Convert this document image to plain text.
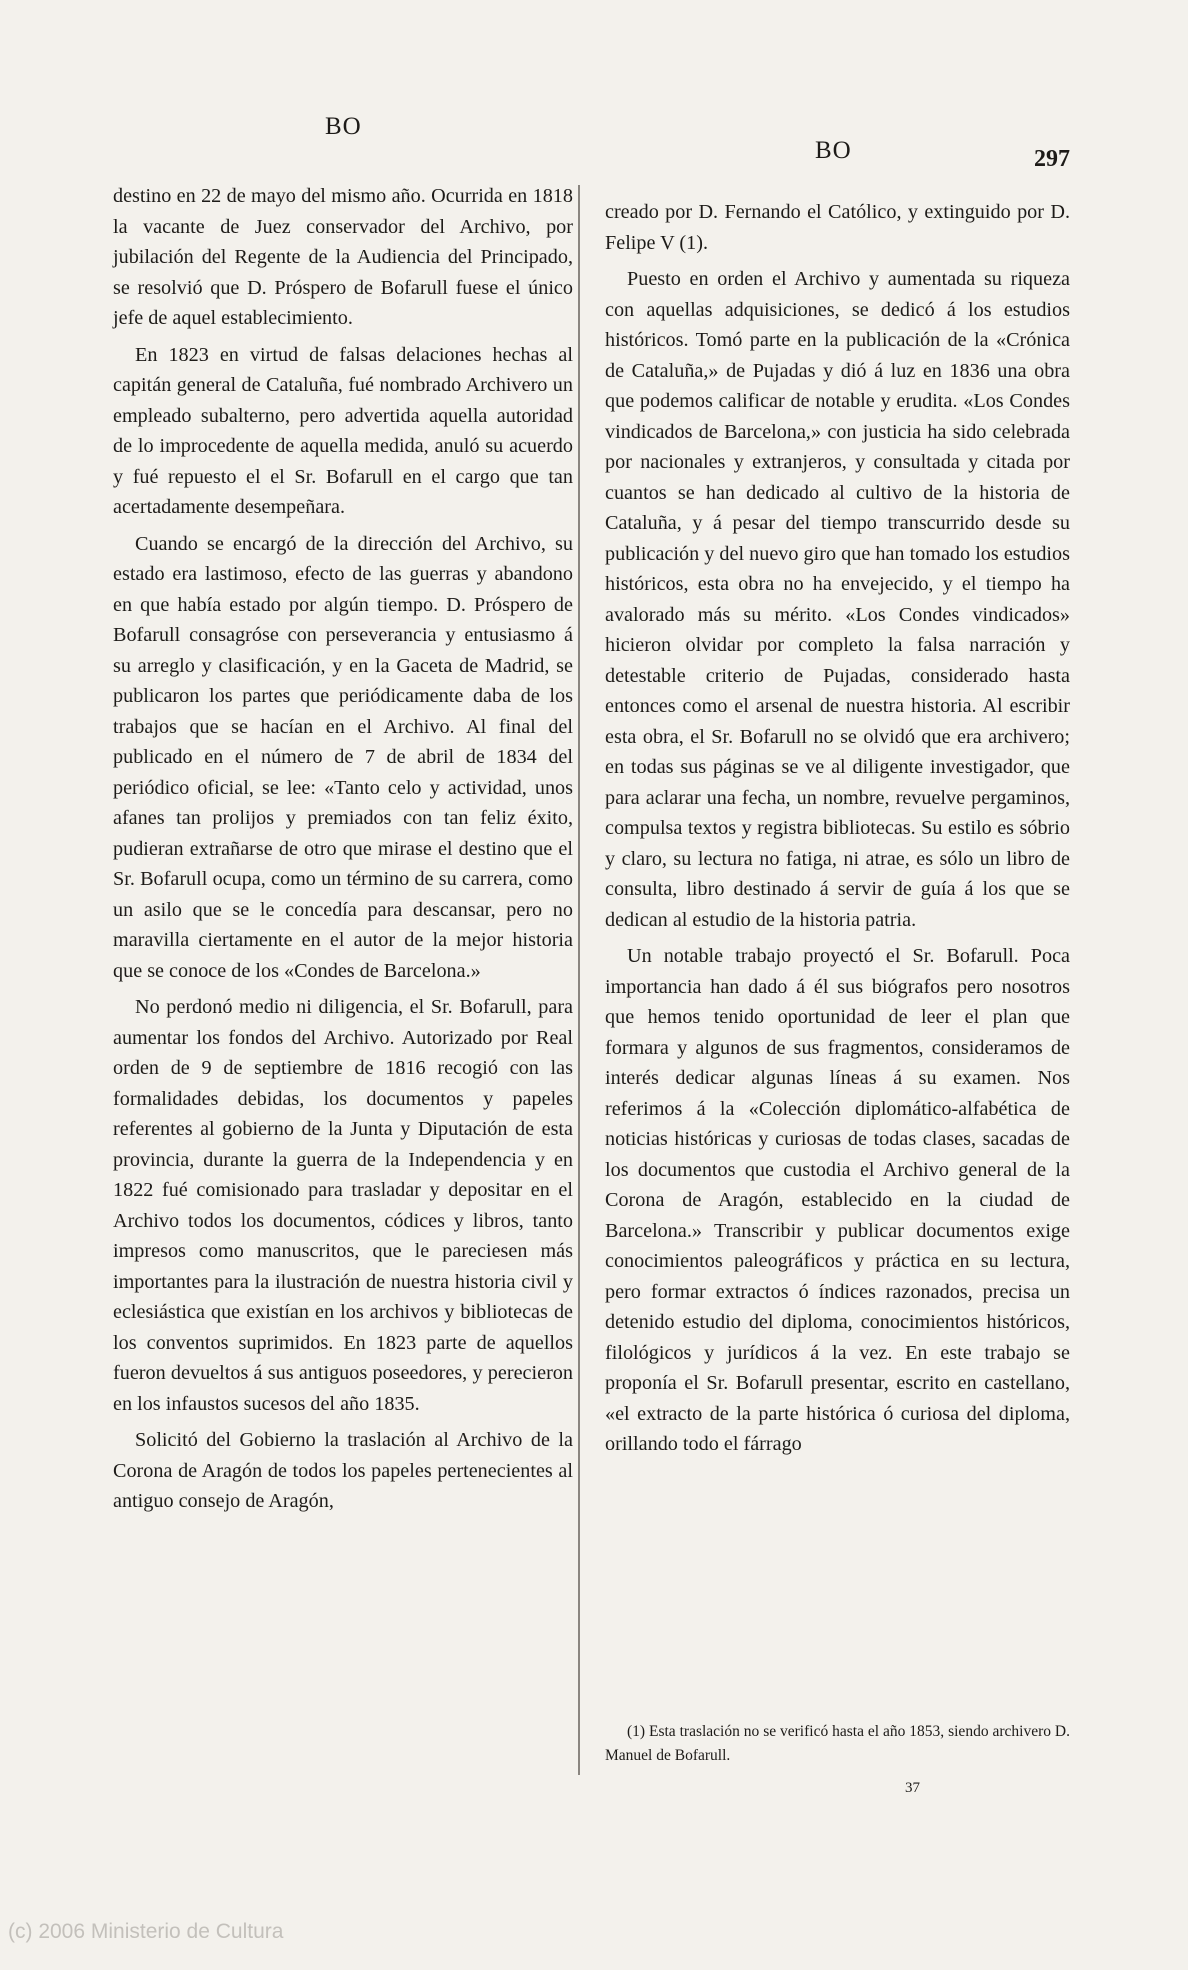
BO
BO	297

destino en 22 de mayo del mismo año. Ocurrida en 1818 la vacante de Juez conservador del Archivo, por jubilación del Regente de la Audiencia del Principado, se resolvió que D. Próspero de Bofarull fuese el único jefe de aquel establecimiento.

En 1823 en virtud de falsas delaciones hechas al capitán general de Cataluña, fué nombrado Archivero un empleado subalterno, pero advertida aquella autoridad de lo improcedente de aquella medida, anuló su acuerdo y fué repuesto el el Sr. Bofarull en el cargo que tan acertadamente desempeñara.

Cuando se encargó de la dirección del Archivo, su estado era lastimoso, efecto de las guerras y abandono en que había estado por algún tiempo. D. Próspero de Bofarull consagróse con perseverancia y entusiasmo á su arreglo y clasificación, y en la Gaceta de Madrid, se publicaron los partes que periódicamente daba de los trabajos que se hacían en el Archivo. Al final del publicado en el número de 7 de abril de 1834 del periódico oficial, se lee: «Tanto celo y actividad, unos afanes tan prolijos y premiados con tan feliz éxito, pudieran extrañarse de otro que mirase el destino que el Sr. Bofarull ocupa, como un término de su carrera, como un asilo que se le concedía para descansar, pero no maravilla ciertamente en el autor de la mejor historia que se conoce de los «Condes de Barcelona.»

No perdonó medio ni diligencia, el Sr. Bofarull, para aumentar los fondos del Archivo. Autorizado por Real orden de 9 de septiembre de 1816 recogió con las formalidades debidas, los documentos y papeles referentes al gobierno de la Junta y Diputación de esta provincia, durante la guerra de la Independencia y en 1822 fué comisionado para trasladar y depositar en el Archivo todos los documentos, códices y libros, tanto impresos como manuscritos, que le pareciesen más importantes para la ilustración de nuestra historia civil y eclesiástica que existían en los archivos y bibliotecas de los conventos suprimidos. En 1823 parte de aquellos fueron devueltos á sus antiguos poseedores, y perecieron en los infaustos sucesos del año 1835.

Solicitó del Gobierno la traslación al Archivo de la Corona de Aragón de todos los papeles pertenecientes al antiguo consejo de Aragón,

creado por D. Fernando el Católico, y extinguido por D. Felipe V (1).

Puesto en orden el Archivo y aumentada su riqueza con aquellas adquisiciones, se dedicó á los estudios históricos. Tomó parte en la publicación de la «Crónica de Cataluña,» de Pujadas y dió á luz en 1836 una obra que podemos calificar de notable y erudita. «Los Condes vindicados de Barcelona,» con justicia ha sido celebrada por nacionales y extranjeros, y consultada y citada por cuantos se han dedicado al cultivo de la historia de Cataluña, y á pesar del tiempo transcurrido desde su publicación y del nuevo giro que han tomado los estudios históricos, esta obra no ha envejecido, y el tiempo ha avalorado más su mérito. «Los Condes vindicados» hicieron olvidar por completo la falsa narración y detestable criterio de Pujadas, considerado hasta entonces como el arsenal de nuestra historia. Al escribir esta obra, el Sr. Bofarull no se olvidó que era archivero; en todas sus páginas se ve al diligente investigador, que para aclarar una fecha, un nombre, revuelve pergaminos, compulsa textos y registra bibliotecas. Su estilo es sóbrio y claro, su lectura no fatiga, ni atrae, es sólo un libro de consulta, libro destinado á servir de guía á los que se dedican al estudio de la historia patria.

Un notable trabajo proyectó el Sr. Bofarull. Poca importancia han dado á él sus biógrafos pero nosotros que hemos tenido oportunidad de leer el plan que formara y algunos de sus fragmentos, consideramos de interés dedicar algunas líneas á su examen. Nos referimos á la «Colección diplomático-alfabética de noticias históricas y curiosas de todas clases, sacadas de los documentos que custodia el Archivo general de la Corona de Aragón, establecido en la ciudad de Barcelona.» Transcribir y publicar documentos exige conocimientos paleográficos y práctica en su lectura, pero formar extractos ó índices razonados, precisa un detenido estudio del diploma, conocimientos históricos, filológicos y jurídicos á la vez. En este trabajo se proponía el Sr. Bofarull presentar, escrito en castellano, «el extracto de la parte histórica ó curiosa del diploma, orillando todo el fárrago

(1) Esta traslación no se verificó hasta el año 1853, siendo archivero D. Manuel de Bofarull.

37
(c) 2006 Ministerio de Cultura
